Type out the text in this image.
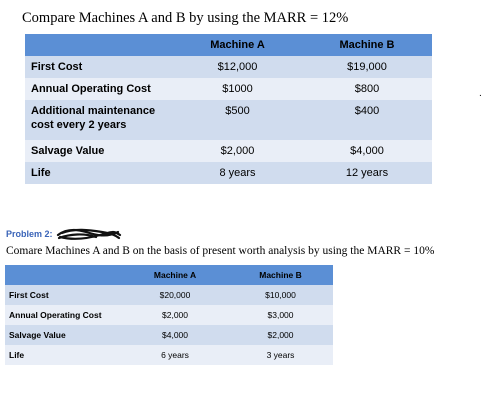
Compare Machines A and B by using the MARR = 12%
.
	Machine A	Machine B
First Cost	$12,000	$19,000
Annual Operating Cost	$1000	$800
Additional maintenance cost every 2 years	$500	$400
Salvage Value	$2,000	$4,000
Life	8 years	12 years
Problem 2:
Comare Machines A and B on the basis of present worth analysis by using the MARR = 10%
	Machine A	Machine B
First Cost	$20,000	$10,000
Annual Operating Cost	$2,000	$3,000
Salvage Value	$4,000	$2,000
Life	6 years	3 years
